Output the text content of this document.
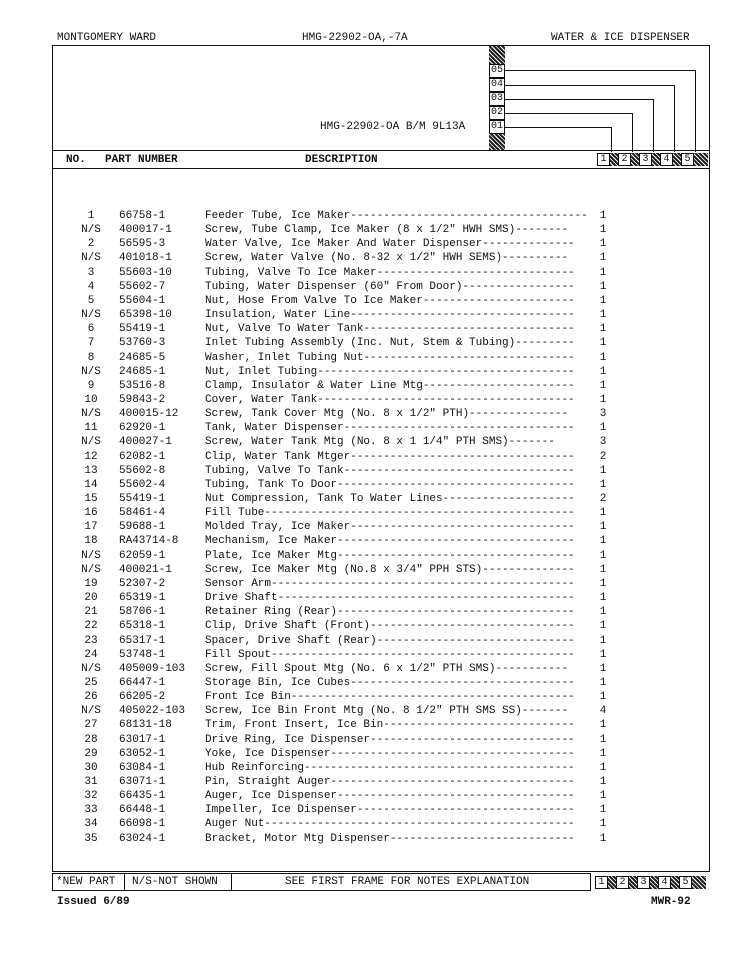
MONTGOMERY WARD	HMG-22902-OA,-7A	WATER & ICE DISPENSER
05
04
03
02
01
HMG-22902-OA B/M 9L13A
NO. PART NUMBER	DESCRIPTION	1	2	3	4	5
1	66758-1	Feeder Tube, Ice Maker------------------------------------ 1
N/S	400017-1	Screw, Tube Clamp, Ice Maker (8 x 1/2" HWH SMS)--------	1
2	56595-3	Water Valve, Ice Maker And Water Dispenser-------------- 1
N/S	401018-1	Screw, Water Valve (No. 8-32 x 1/2" HWH SEMS)----------	1
3	55603-10	Tubing, Valve To Ice Maker------------------------------ 1
4	55602-7	Tubing, Water Dispenser (60" From Door)----------------- 1
5	55604-1	Nut, Hose From Valve To Ice Maker----------------------- 1
N/S	65398-10	Insulation, Water Line---------------------------------- 1
6	55419-1	Nut, Valve To Water Tank-------------------------------- 1
7	53760-3	Inlet Tubing Assembly (Inc. Nut, Stem & Tubing)--------- 1
8	24685-5	Washer, Inlet Tubing Nut-------------------------------- 1
N/S	24685-1	Nut, Inlet Tubing--------------------------------------- 1
9	53516-8	Clamp, Insulator & Water Line Mtg----------------------- 1
10	59843-2	Cover, Water Tank--------------------------------------- 1
N/S	400015-12 Screw, Tank Cover Mtg (No. 8 x 1/2" PTH)---------------	3
11	62920-1	Tank, Water Dispenser----------------------------------- 1
N/S	400027-1	Screw, Water Tank Mtg (No. 8 x 1 1/4" PTH SMS)-------	3
12	62082-1	Clip, Water Tank Mtger---------------------------------- 2
13	55602-8	Tubing, Valve To Tank----------------------------------- 1
14	55602-4	Tubing, Tank To Door------------------------------------ 1
15	55419-1	Nut Compression, Tank To Water Lines-------------------- 2
16	58461-4	Fill Tube----------------------------------------------- 1
17	59688-1	Molded Tray, Ice Maker---------------------------------- 1
18	RA43714-8 Mechanism, Ice Maker------------------------------------ 1
N/S	62059-1	Plate, Ice Maker Mtg------------------------------------ 1
N/S	400021-1	Screw, Ice Maker Mtg (No.8 x 3/4" PPH STS)-------------- 1
19	52307-2	Sensor Arm---------------------------------------------- 1
20	65319-1	Drive Shaft--------------------------------------------- 1
21	58706-1	Retainer Ring (Rear)------------------------------------ 1
22	65318-1	Clip, Drive Shaft (Front)------------------------------- 1
23	65317-1	Spacer, Drive Shaft (Rear)------------------------------ 1
24	53748-1	Fill Spout---------------------------------------------- 1
N/S	405009-103 Screw, Fill Spout Mtg (No. 6 x 1/2" PTH SMS)-----------	1
25	66447-1	Storage Bin, Ice Cubes---------------------------------- 1
26	66205-2	Front Ice Bin------------------------------------------- 1
N/S	405022-103 Screw, Ice Bin Front Mtg (No. 8 1/2" PTH SMS SS)-------	4
27	68131-18	Trim, Front Insert, Ice Bin----------------------------- 1
28	63017-1	Drive Ring, Ice Dispenser------------------------------- 1
29	63052-1	Yoke, Ice Dispenser------------------------------------- 1
30	63084-1	Hub Reinforcing----------------------------------------- 1
31	63071-1	Pin, Straight Auger------------------------------------- 1
32	66435-1	Auger, Ice Dispenser------------------------------------ 1
33	66448-1	Impeller, Ice Dispenser--------------------------------- 1
34	66098-1	Auger Nut----------------------------------------------- 1
35	63024-1	Bracket, Motor Mtg Dispenser---------------------------- 1
*NEW PART N/S-NOT SHOWN	SEE FIRST FRAME FOR NOTES EXPLANATION	1	2	3	4	5
Issued 6/89	MWR-92
